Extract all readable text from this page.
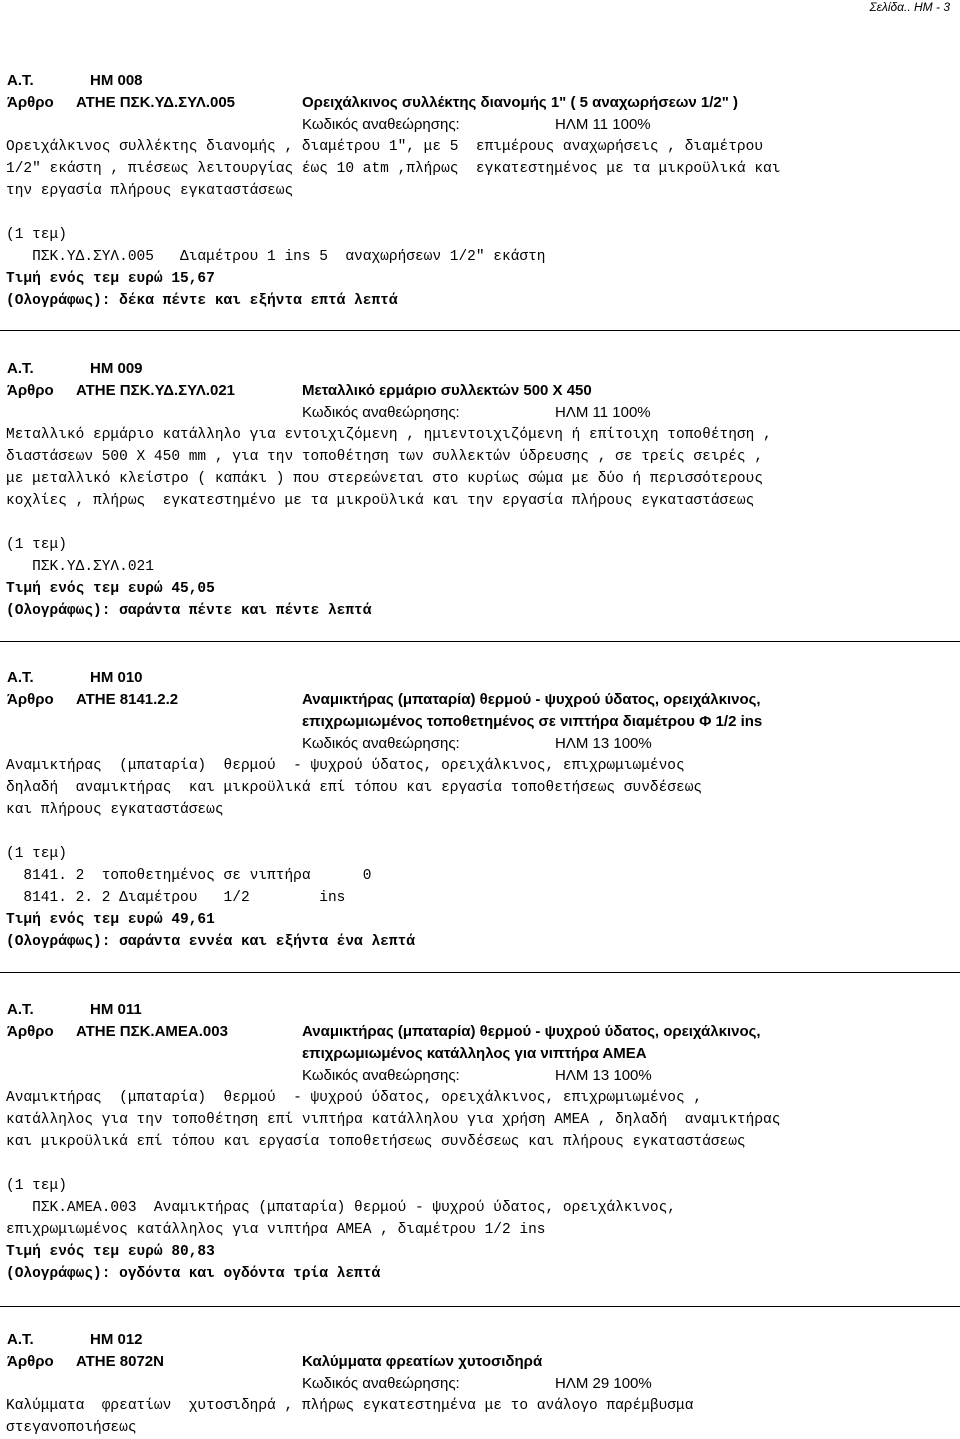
Σελίδα.. ΗΜ - 3
Α.Τ.	ΗΜ 008
Άρθρο ΑΤΗΕ ΠΣΚ.ΥΔ.ΣΥΛ.005	Ορειχάλκινος συλλέκτης διανομής 1" ( 5 αναχωρήσεων 1/2" )
Κωδικός αναθεώρησης:	ΗΛΜ 11 100%
Ορειχάλκινος συλλέκτης διανομής , διαμέτρου 1", με 5  επιμέρους αναχωρήσεις , διαμέτρου
1/2" εκάστη , πιέσεως λειτουργίας έως 10 atm ,πλήρως  εγκατεστημένος με τα μικροϋλικά και
την εργασία πλήρους εγκαταστάσεως
(1 τεμ)
ΠΣΚ.ΥΔ.ΣΥΛ.005   Διαμέτρου 1 ins 5  αναχωρήσεων 1/2" εκάστη
Τιμή ενός τεμ ευρώ 15,67
(Ολογράφως): δέκα πέντε και εξήντα επτά λεπτά
Α.Τ.	ΗΜ 009
Άρθρο ΑΤΗΕ ΠΣΚ.ΥΔ.ΣΥΛ.021	Μεταλλικό ερμάριο συλλεκτών 500 Χ 450
Κωδικός αναθεώρησης:	ΗΛΜ 11 100%
Μεταλλικό ερμάριο κατάλληλο για εντοιχιζόμενη , ημιεντοιχιζόμενη ή επίτοιχη τοποθέτηση ,
διαστάσεων 500 Χ 450 mm , για την τοποθέτηση των συλλεκτών ύδρευσης , σε τρείς σειρές ,
με μεταλλικό κλείστρο ( καπάκι ) που στερεώνεται στο κυρίως σώμα με δύο ή περισσότερους
κοχλίες , πλήρως  εγκατεστημένο με τα μικροϋλικά και την εργασία πλήρους εγκαταστάσεως
(1 τεμ)
ΠΣΚ.ΥΔ.ΣΥΛ.021
Τιμή ενός τεμ ευρώ 45,05
(Ολογράφως): σαράντα πέντε και πέντε λεπτά
Α.Τ.	ΗΜ 010
Άρθρο ΑΤΗΕ 8141.2.2	Αναμικτήρας (μπαταρία) θερμού - ψυχρού ύδατος, ορειχάλκινος,
επιχρωμιωμένος τοποθετημένος σε νιπτήρα διαμέτρου Φ 1/2 ins
Κωδικός αναθεώρησης:	ΗΛΜ 13 100%
Αναμικτήρας  (μπαταρία)  θερμού  - ψυχρού ύδατος, ορειχάλκινος, επιχρωμιωμένος
δηλαδή  αναμικτήρας  και μικροϋλικά επί τόπου και εργασία τοποθετήσεως συνδέσεως
και πλήρους εγκαταστάσεως
(1 τεμ)
8141. 2  τοποθετημένος σε νιπτήρα      0
8141. 2. 2 Διαμέτρου   1/2        ins
Τιμή ενός τεμ ευρώ 49,61
(Ολογράφως): σαράντα εννέα και εξήντα ένα λεπτά
Α.Τ.	ΗΜ 011
Άρθρο ΑΤΗΕ ΠΣΚ.ΑΜΕΑ.003	Αναμικτήρας (μπαταρία) θερμού - ψυχρού ύδατος, ορειχάλκινος,
επιχρωμιωμένος κατάλληλος για νιπτήρα ΑΜΕΑ
Κωδικός αναθεώρησης:	ΗΛΜ 13 100%
Αναμικτήρας  (μπαταρία)  θερμού  - ψυχρού ύδατος, ορειχάλκινος, επιχρωμιωμένος ,
κατάλληλος για την τοποθέτηση επί νιπτήρα κατάλληλου για χρήση ΑΜΕΑ , δηλαδή  αναμικτήρας
και μικροϋλικά επί τόπου και εργασία τοποθετήσεως συνδέσεως και πλήρους εγκαταστάσεως
(1 τεμ)
ΠΣΚ.ΑΜΕΑ.003  Αναμικτήρας (μπαταρία) θερμού - ψυχρού ύδατος, ορειχάλκινος,
επιχρωμιωμένος κατάλληλος για νιπτήρα ΑΜΕΑ , διαμέτρου 1/2 ins
Τιμή ενός τεμ ευρώ 80,83
(Ολογράφως): ογδόντα και ογδόντα τρία λεπτά
Α.Τ.	ΗΜ 012
Άρθρο ΑΤΗΕ 8072Ν	Καλύμματα φρεατίων χυτοσιδηρά
Κωδικός αναθεώρησης:	ΗΛΜ 29 100%
Καλύμματα  φρεατίων  χυτοσιδηρά , πλήρως εγκατεστημένα με το ανάλογο παρέμβυσμα
στεγανοποιήσεως
